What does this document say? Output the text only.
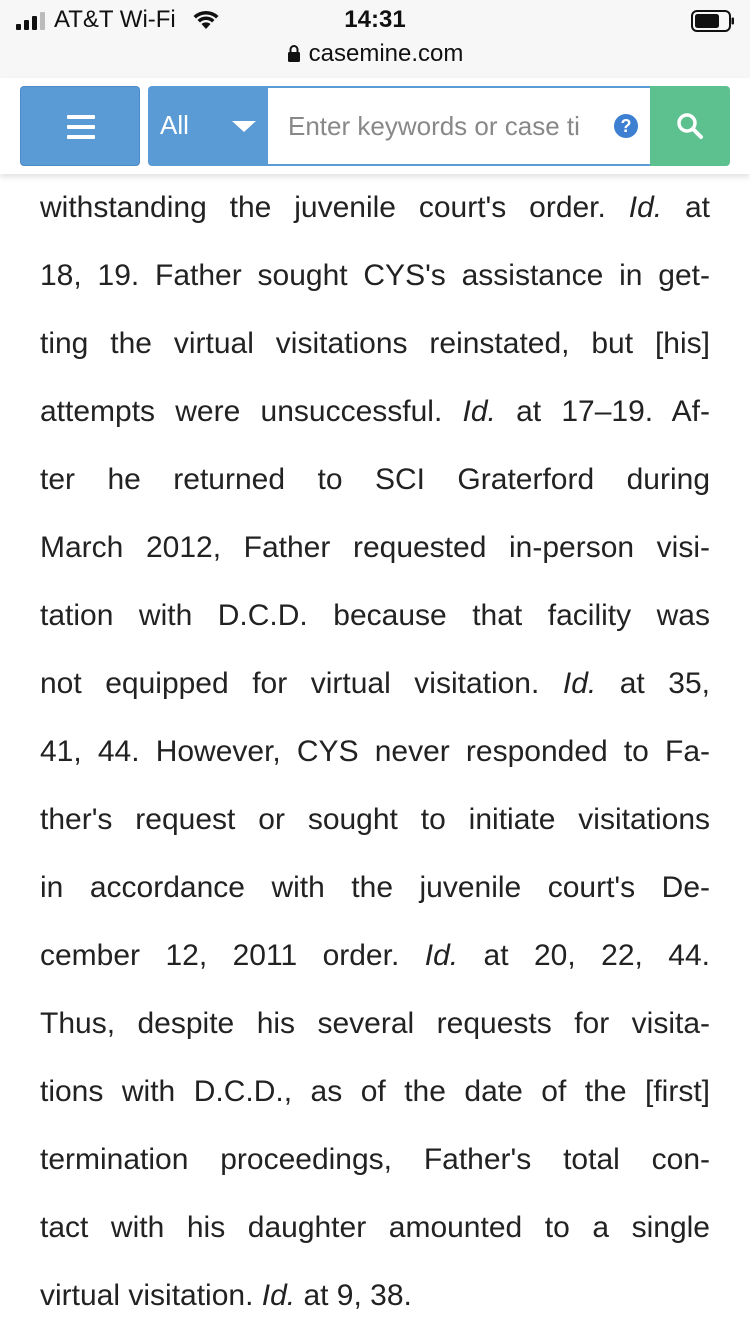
AT&T Wi-Fi	14:31
casemine.com
All
Enter keywords or case ti	?
withstanding the juvenile court's order. Id. at
18, 19. Father sought CYS's assistance in get-
ting the virtual visitations reinstated, but [his]
attempts were unsuccessful. Id. at 17–19. Af-
ter he returned to SCI Graterford during
March 2012, Father requested in-person visi-
tation with D.C.D. because that facility was
not equipped for virtual visitation. Id. at 35,
41, 44. However, CYS never responded to Fa-
ther's request or sought to initiate visitations
in accordance with the juvenile court's De-
cember 12, 2011 order. Id. at 20, 22, 44.
Thus, despite his several requests for visita-
tions with D.C.D., as of the date of the [first]
termination proceedings, Father's total con-
tact with his daughter amounted to a single
virtual visitation. Id. at 9, 38.
